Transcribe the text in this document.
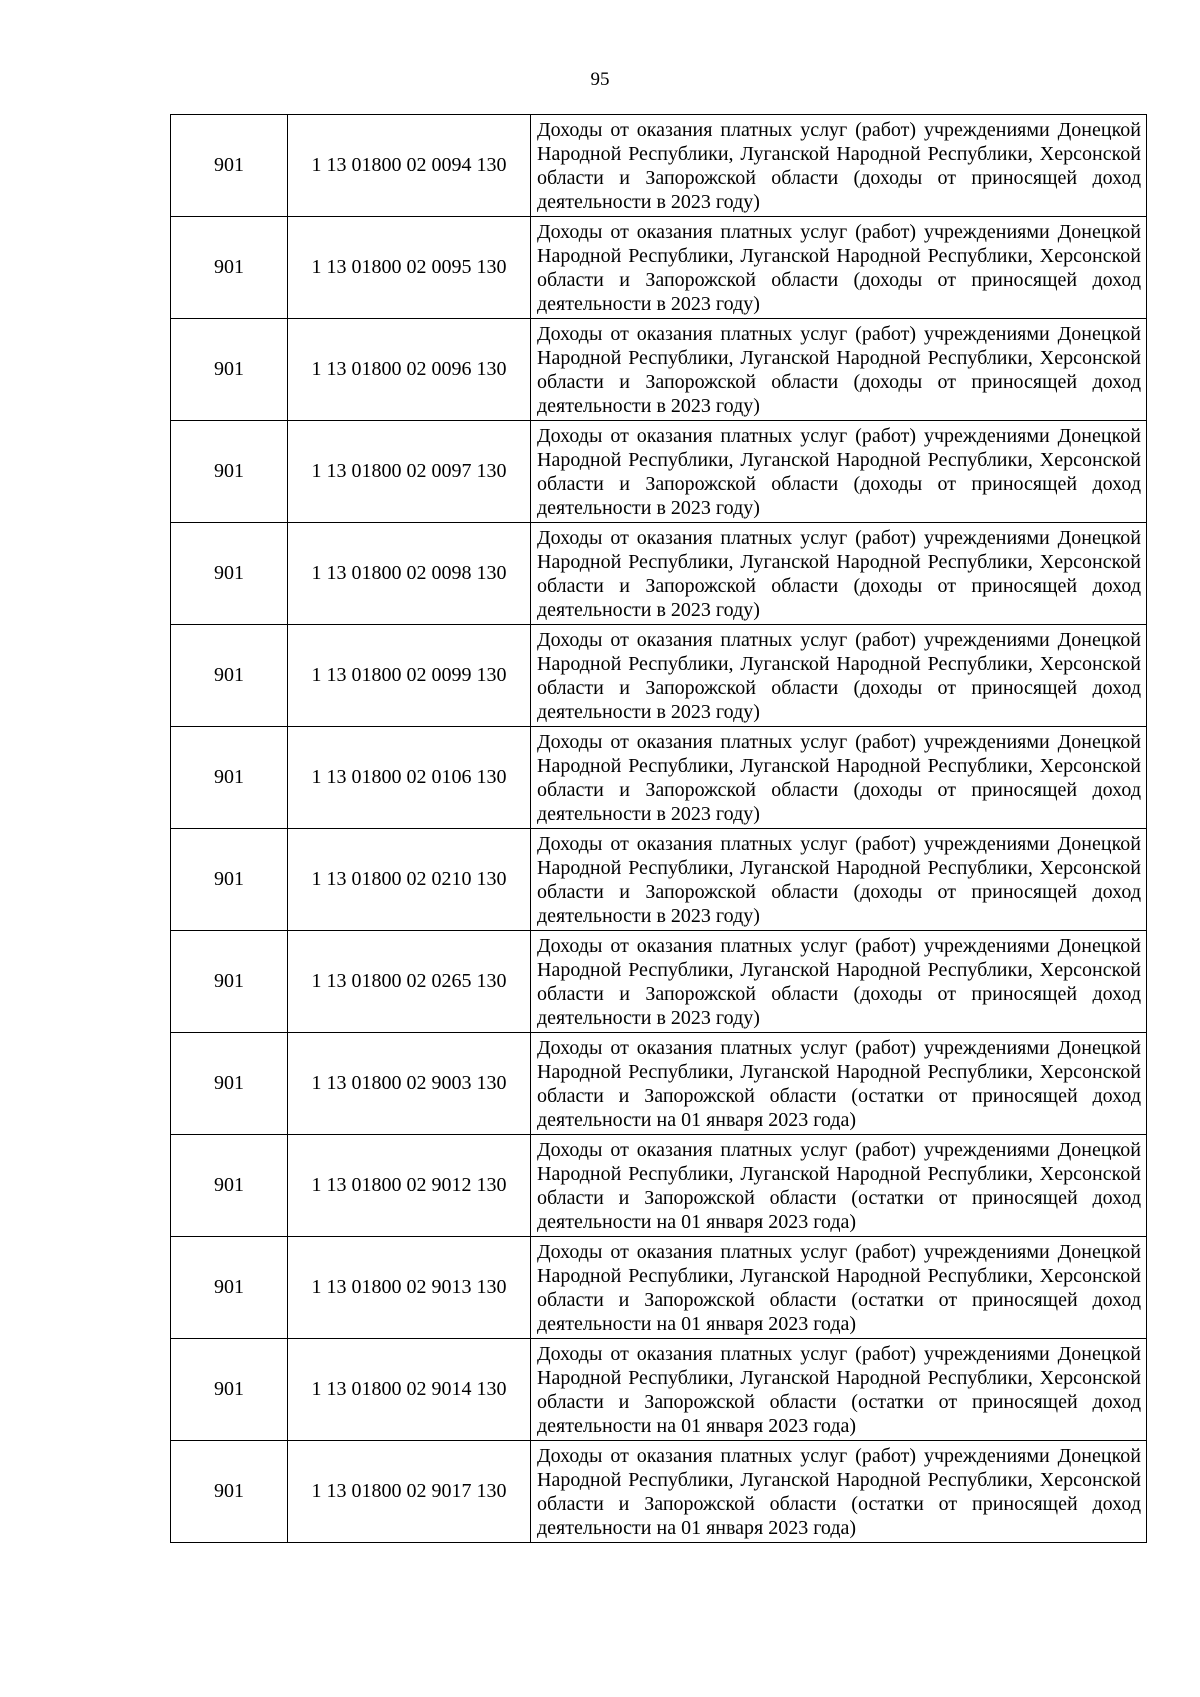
95
901	1 13 01800 02 0094 130	Доходы от оказания платных услуг (работ) учреждениями Донецкой Народной Республики, Луганской Народной Республики, Херсонской области и Запорожской области (доходы от приносящей доход деятельности в 2023 году)
901	1 13 01800 02 0095 130	Доходы от оказания платных услуг (работ) учреждениями Донецкой Народной Республики, Луганской Народной Республики, Херсонской области и Запорожской области (доходы от приносящей доход деятельности в 2023 году)
901	1 13 01800 02 0096 130	Доходы от оказания платных услуг (работ) учреждениями Донецкой Народной Республики, Луганской Народной Республики, Херсонской области и Запорожской области (доходы от приносящей доход деятельности в 2023 году)
901	1 13 01800 02 0097 130	Доходы от оказания платных услуг (работ) учреждениями Донецкой Народной Республики, Луганской Народной Республики, Херсонской области и Запорожской области (доходы от приносящей доход деятельности в 2023 году)
901	1 13 01800 02 0098 130	Доходы от оказания платных услуг (работ) учреждениями Донецкой Народной Республики, Луганской Народной Республики, Херсонской области и Запорожской области (доходы от приносящей доход деятельности в 2023 году)
901	1 13 01800 02 0099 130	Доходы от оказания платных услуг (работ) учреждениями Донецкой Народной Республики, Луганской Народной Республики, Херсонской области и Запорожской области (доходы от приносящей доход деятельности в 2023 году)
901	1 13 01800 02 0106 130	Доходы от оказания платных услуг (работ) учреждениями Донецкой Народной Республики, Луганской Народной Республики, Херсонской области и Запорожской области (доходы от приносящей доход деятельности в 2023 году)
901	1 13 01800 02 0210 130	Доходы от оказания платных услуг (работ) учреждениями Донецкой Народной Республики, Луганской Народной Республики, Херсонской области и Запорожской области (доходы от приносящей доход деятельности в 2023 году)
901	1 13 01800 02 0265 130	Доходы от оказания платных услуг (работ) учреждениями Донецкой Народной Республики, Луганской Народной Республики, Херсонской области и Запорожской области (доходы от приносящей доход деятельности в 2023 году)
901	1 13 01800 02 9003 130	Доходы от оказания платных услуг (работ) учреждениями Донецкой Народной Республики, Луганской Народной Республики, Херсонской области и Запорожской области (остатки от приносящей доход деятельности на 01 января 2023 года)
901	1 13 01800 02 9012 130	Доходы от оказания платных услуг (работ) учреждениями Донецкой Народной Республики, Луганской Народной Республики, Херсонской области и Запорожской области (остатки от приносящей доход деятельности на 01 января 2023 года)
901	1 13 01800 02 9013 130	Доходы от оказания платных услуг (работ) учреждениями Донецкой Народной Республики, Луганской Народной Республики, Херсонской области и Запорожской области (остатки от приносящей доход деятельности на 01 января 2023 года)
901	1 13 01800 02 9014 130	Доходы от оказания платных услуг (работ) учреждениями Донецкой Народной Республики, Луганской Народной Республики, Херсонской области и Запорожской области (остатки от приносящей доход деятельности на 01 января 2023 года)
901	1 13 01800 02 9017 130	Доходы от оказания платных услуг (работ) учреждениями Донецкой Народной Республики, Луганской Народной Республики, Херсонской области и Запорожской области (остатки от приносящей доход деятельности на 01 января 2023 года)
